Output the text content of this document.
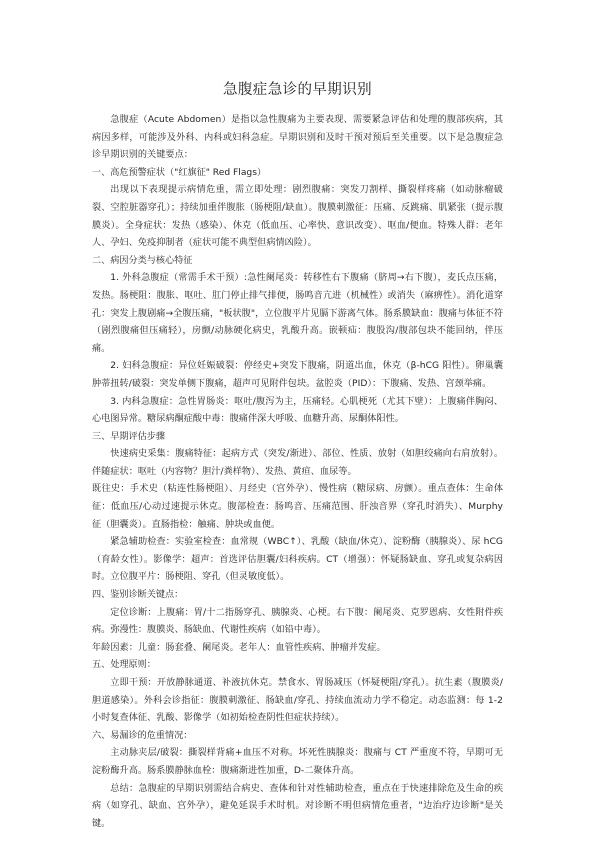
急腹症急诊的早期识别

急腹症（Acute Abdomen）是指以急性腹痛为主要表现、需要紧急评估和处理的腹部疾病，其病因多样，可能涉及外科、内科或妇科急症。早期识别和及时干预对预后至关重要。以下是急腹症急诊早期识别的关键要点：

一、高危预警症状（"红旗征" Red Flags）

出现以下表现提示病情危重，需立即处理：剧烈腹痛：突发刀割样、撕裂样疼痛（如动脉瘤破裂、空腔脏器穿孔）；持续加重伴腹胀（肠梗阻/缺血）。腹膜刺激征：压痛、反跳痛、肌紧张（提示腹膜炎）。全身症状：发热（感染）、休克（低血压、心率快、意识改变）、呕血/便血。特殊人群：老年人、孕妇、免疫抑制者（症状可能不典型但病情凶险）。

二、病因分类与核心特征

1. 外科急腹症（常需手术干预）:急性阑尾炎：转移性右下腹痛（脐周→右下腹），麦氏点压痛，发热。肠梗阻：腹胀、呕吐、肛门停止排气排便，肠鸣音亢进（机械性）或消失（麻痹性）。消化道穿孔：突发上腹剧痛→全腹压痛，"板状腹"，立位腹平片见膈下游离气体。肠系膜缺血：腹痛与体征不符（剧烈腹痛但压痛轻），房颤/动脉硬化病史，乳酸升高。嵌顿疝：腹股沟/腹部包块不能回纳，伴压痛。

2. 妇科急腹症：异位妊娠破裂：停经史+突发下腹痛，阴道出血，休克（β-hCG 阳性）。卵巢囊肿蒂扭转/破裂：突发单侧下腹痛，超声可见附件包块。盆腔炎（PID）：下腹痛、发热、宫颈举痛。

3. 内科急腹症：急性胃肠炎：呕吐/腹泻为主，压痛轻。心肌梗死（尤其下壁）：上腹痛伴胸闷、心电图异常。糖尿病酮症酸中毒：腹痛伴深大呼吸、血糖升高、尿酮体阳性。

三、早期评估步骤

快速病史采集：腹痛特征：起病方式（突发/渐进）、部位、性质、放射（如胆绞痛向右肩放射）。伴随症状：呕吐（内容物？胆汁/粪样物）、发热、黄疸、血尿等。

既往史：手术史（粘连性肠梗阻）、月经史（宫外孕）、慢性病（糖尿病、房颤）。重点查体：生命体征：低血压/心动过速提示休克。腹部检查：肠鸣音、压痛范围、肝浊音界（穿孔时消失）、Murphy 征（胆囊炎）。直肠指检：触痛、肿块或血便。

紧急辅助检查：实验室检查：血常规（WBC↑）、乳酸（缺血/休克）、淀粉酶（胰腺炎）、尿 hCG（育龄女性）。影像学：超声：首选评估胆囊/妇科疾病。CT（增强）：怀疑肠缺血、穿孔或复杂病因时。立位腹平片：肠梗阻、穿孔（但灵敏度低）。

四、鉴别诊断关键点：

定位诊断：上腹痛：胃/十二指肠穿孔、胰腺炎、心梗。右下腹：阑尾炎、克罗恩病、女性附件疾病。弥漫性：腹膜炎、肠缺血、代谢性疾病（如铅中毒）。

年龄因素：儿童：肠套叠、阑尾炎。老年人：血管性疾病、肿瘤并发症。

五、处理原则：

立即干预：开放静脉通道、补液抗休克。禁食水、胃肠减压（怀疑梗阻/穿孔）。抗生素（腹膜炎/胆道感染）。外科会诊指征：腹膜刺激征、肠缺血/穿孔、持续血流动力学不稳定。动态监测：每 1-2 小时复查体征、乳酸、影像学（如初始检查阴性但症状持续）。

六、易漏诊的危重情况：

主动脉夹层/破裂：撕裂样背痛+血压不对称。坏死性胰腺炎：腹痛与 CT 严重度不符，早期可无淀粉酶升高。肠系膜静脉血栓：腹痛渐进性加重，D-二聚体升高。

总结：急腹症的早期识别需结合病史、查体和针对性辅助检查，重点在于快速排除危及生命的疾病（如穿孔、缺血、宫外孕），避免延误手术时机。对诊断不明但病情危重者，"边治疗边诊断"是关键。
